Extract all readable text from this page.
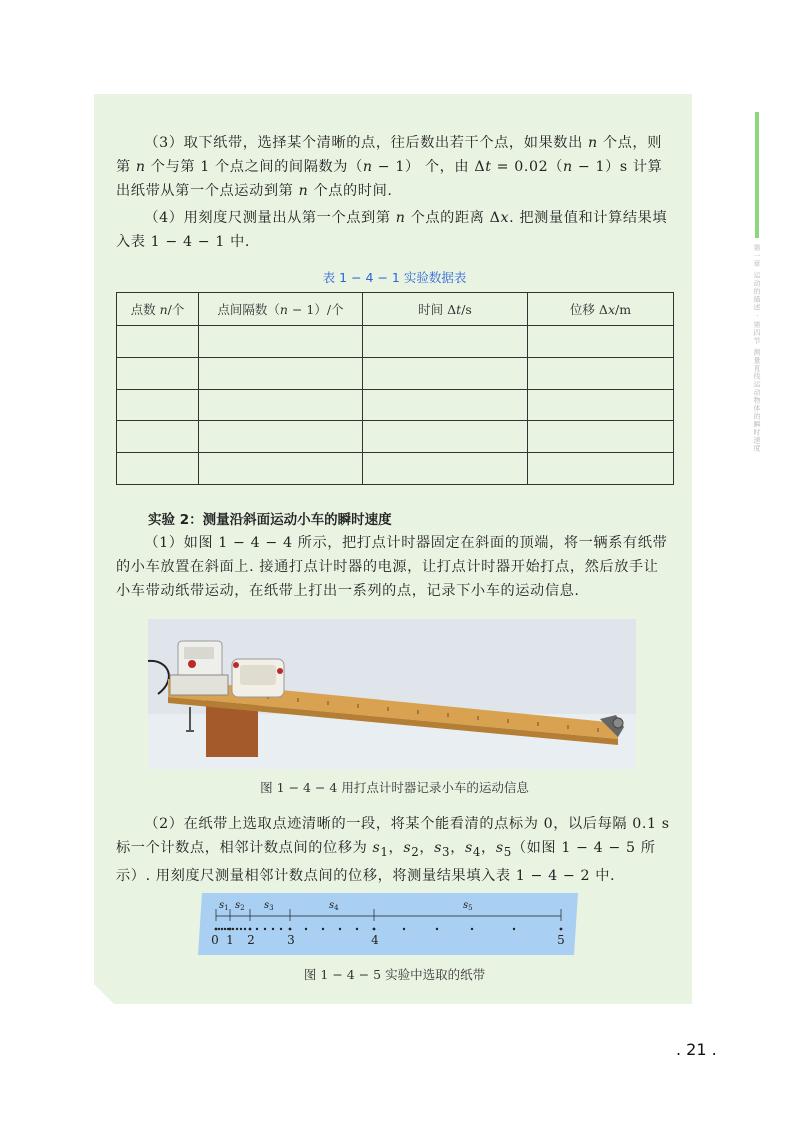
第一章 运动的描述 · 第四节 测量直线运动物体的瞬时速度

（3）取下纸带，选择某个清晰的点，往后数出若干个点，如果数出 n 个点，则第 n 个与第 1 个点之间的间隔数为（n − 1） 个，由 Δt = 0.02（n − 1）s 计算出纸带从第一个点运动到第 n 个点的时间.

（4）用刻度尺测量出从第一个点到第 n 个点的距离 Δx. 把测量值和计算结果填入表 1 − 4 − 1 中.

表 1 − 4 − 1 实验数据表
点数 n/个	点间隔数（n − 1）/个	时间 Δt/s	位移 Δx/m

实验 2：测量沿斜面运动小车的瞬时速度

（1）如图 1 − 4 − 4 所示，把打点计时器固定在斜面的顶端，将一辆系有纸带的小车放置在斜面上. 接通打点计时器的电源，让打点计时器开始打点，然后放手让小车带动纸带运动，在纸带上打出一系列的点，记录下小车的运动信息.

图 1 − 4 − 4 用打点计时器记录小车的运动信息

（2）在纸带上选取点迹清晰的一段，将某个能看清的点标为 0，以后每隔 0.1 s 标一个计数点，相邻计数点间的位移为 $s_1$，$s_2$，$s_3$，$s_4$，$s_5$（如图 1 − 4 − 5 所示）. 用刻度尺测量相邻计数点间的位移，将测量结果填入表 1 − 4 − 2 中.

$s_1$ $s_2$ $s_3$	$s_4$	$s_5$
0 1 2	3	4	5
图 1 − 4 − 5 实验中选取的纸带
. 21 .
